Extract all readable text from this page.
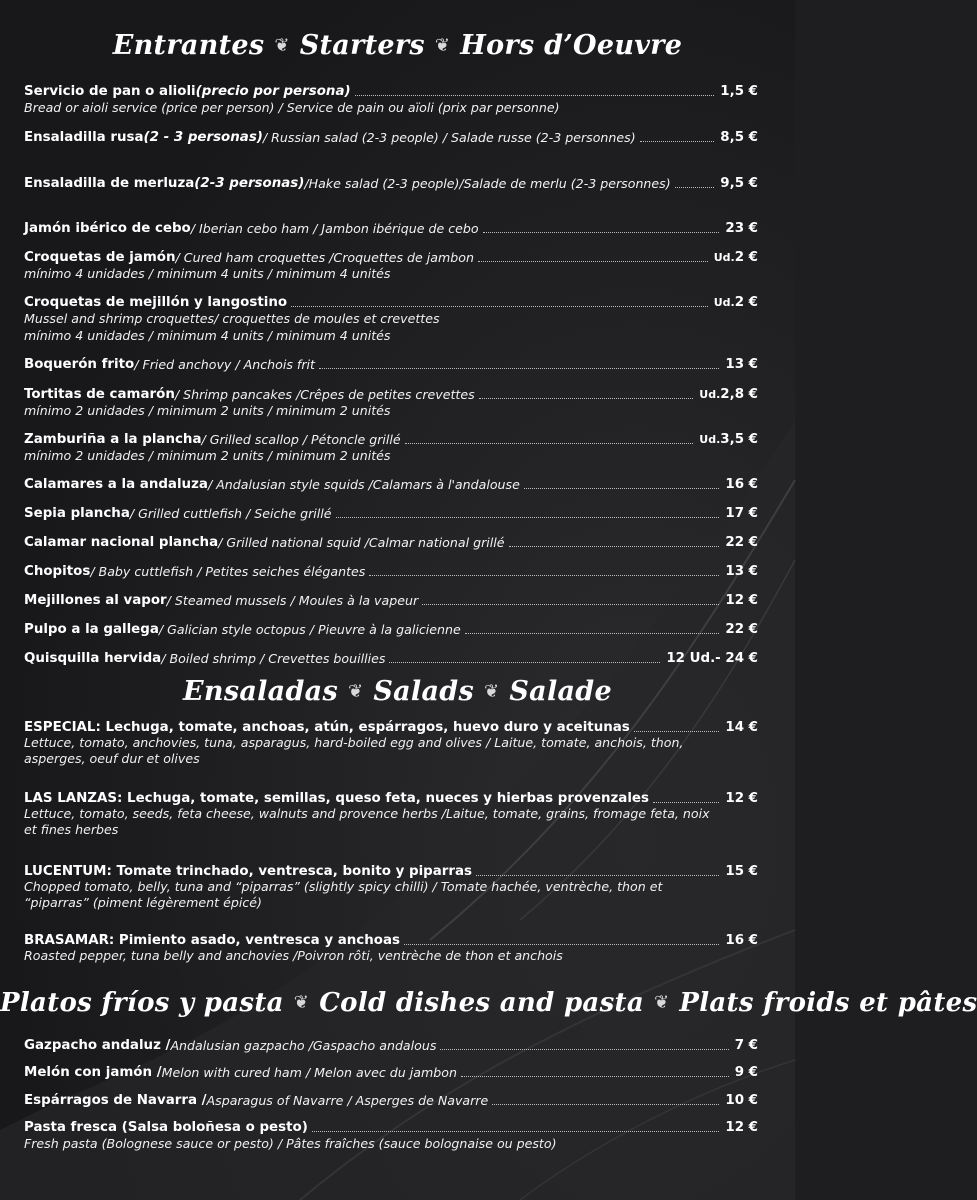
Entrantes ❦ Starters ❦ Hors d’Oeuvre
Servicio de pan o alioli (precio por persona)	1,5 €
Bread or aioli service (price per person) / Service de pain ou aïoli (prix par personne)
Ensaladilla rusa (2 - 3 personas) / Russian salad (2-3 people) / Salade russe (2-3 personnes)	8,5 €
Ensaladilla de merluza (2-3 personas) /Hake salad (2-3 people)/Salade de merlu (2-3 personnes)	9,5 €
Jamón ibérico de cebo / Iberian cebo ham / Jambon ibérique de cebo	23 €
Croquetas de jamón / Cured ham croquettes /Croquettes de jambon	Ud.2 €
mínimo 4 unidades / minimum 4 units / minimum 4 unités
Croquetas de mejillón y langostino	Ud.2 €
Mussel and shrimp croquettes/ croquettes de moules et crevettes
mínimo 4 unidades / minimum 4 units / minimum 4 unités
Boquerón frito / Fried anchovy / Anchois frit	13 €
Tortitas de camarón / Shrimp pancakes /Crêpes de petites crevettes	Ud.2,8 €
mínimo 2 unidades / minimum 2 units / minimum 2 unités
Zamburiña a la plancha / Grilled scallop / Pétoncle grillé	Ud.3,5 €
mínimo 2 unidades / minimum 2 units / minimum 2 unités
Calamares a la andaluza / Andalusian style squids /Calamars à l'andalouse	16 €
Sepia plancha / Grilled cuttlefish / Seiche grillé	17 €
Calamar nacional plancha / Grilled national squid /Calmar national grillé	22 €
Chopitos / Baby cuttlefish / Petites seiches élégantes	13 €
Mejillones al vapor / Steamed mussels / Moules à la vapeur	12 €
Pulpo a la gallega / Galician style octopus / Pieuvre à la galicienne	22 €
Quisquilla hervida / Boiled shrimp / Crevettes bouillies	12 Ud.- 24 €
Ensaladas ❦ Salads ❦ Salade
ESPECIAL: Lechuga, tomate, anchoas, atún, espárragos, huevo duro y aceitunas	14 €
Lettuce, tomato, anchovies, tuna, asparagus, hard-boiled egg and olives / Laitue, tomate, anchois, thon, asperges, oeuf dur et olives
LAS LANZAS: Lechuga, tomate, semillas, queso feta, nueces y hierbas provenzales	12 €
Lettuce, tomato, seeds, feta cheese, walnuts and provence herbs /Laitue, tomate, grains, fromage feta, noix et fines herbes
LUCENTUM: Tomate trinchado, ventresca, bonito y piparras	15 €
Chopped tomato, belly, tuna and “piparras” (slightly spicy chilli) / Tomate hachée, ventrèche, thon et “piparras” (piment légèrement épicé)
BRASAMAR: Pimiento asado, ventresca y anchoas	16 €
Roasted pepper, tuna belly and anchovies /Poivron rôti, ventrèche de thon et anchois
Platos fríos y pasta ❦ Cold dishes and pasta ❦ Plats froids et pâtes
Gazpacho andaluz / Andalusian gazpacho /Gaspacho andalous	7 €
Melón con jamón / Melon with cured ham / Melon avec du jambon	9 €
Espárragos de Navarra / Asparagus of Navarre / Asperges de Navarre	10 €
Pasta fresca (Salsa boloñesa o pesto)	12 €
Fresh pasta (Bolognese sauce or pesto) / Pâtes fraîches (sauce bolognaise ou pesto)
